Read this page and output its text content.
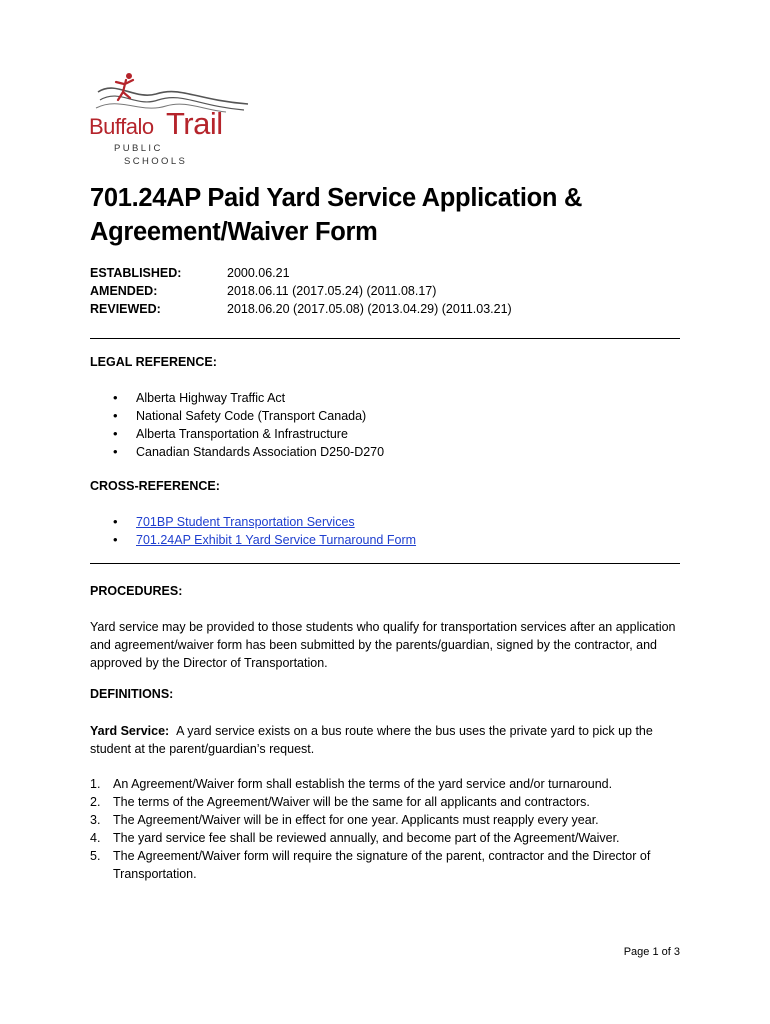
Buffalo Trail
PUBLIC
SCHOOLS
701.24AP Paid Yard Service Application & Agreement/Waiver Form
ESTABLISHED:	2000.06.21
AMENDED:	2018.06.11 (2017.05.24) (2011.08.17)
REVIEWED:	2018.06.20 (2017.05.08) (2013.04.29) (2011.03.21)
LEGAL REFERENCE:
• Alberta Highway Traffic Act
• National Safety Code (Transport Canada)
• Alberta Transportation & Infrastructure
• Canadian Standards Association D250-D270
CROSS-REFERENCE:
• 701BP Student Transportation Services
• 701.24AP Exhibit 1 Yard Service Turnaround Form
PROCEDURES:

Yard service may be provided to those students who qualify for transportation services after an application and agreement/waiver form has been submitted by the parents/guardian, signed by the contractor, and approved by the Director of Transportation.

DEFINITIONS:

Yard Service: A yard service exists on a bus route where the bus uses the private yard to pick up the student at the parent/guardian’s request.

1. An Agreement/Waiver form shall establish the terms of the yard service and/or turnaround.
2. The terms of the Agreement/Waiver will be the same for all applicants and contractors.
3. The Agreement/Waiver will be in effect for one year. Applicants must reapply every year.
4. The yard service fee shall be reviewed annually, and become part of the Agreement/Waiver.
5. The Agreement/Waiver form will require the signature of the parent, contractor and the Director of Transportation.
Page 1 of 3
